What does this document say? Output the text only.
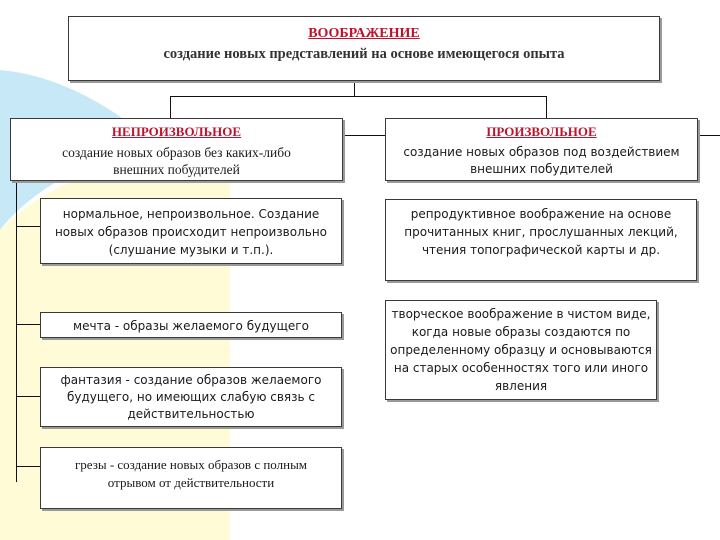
ВООБРАЖЕНИЕ
создание новых представлений на основе имеющегося опыта
НЕПРОИЗВОЛЬНОЕ
создание новых образов без каких-либо
внешних побудителей
ПРОИЗВОЛЬНОЕ
создание новых образов под воздействием
внешних побудителей
нормальное, непроизвольное. Создание новых образов происходит непроизвольно (слушание музыки и т.п.).
мечта - образы желаемого будущего
фантазия - создание образов желаемого будущего, но имеющих слабую связь с действительностью
грезы - создание новых образов с полным отрывом от действительности
репродуктивное воображение на основе прочитанных книг, прослушанных лекций, чтения топографической карты и др.
творческое воображение в чистом виде, когда новые образы создаются по определенному образцу и основываются на старых особенностях того или иного явления
